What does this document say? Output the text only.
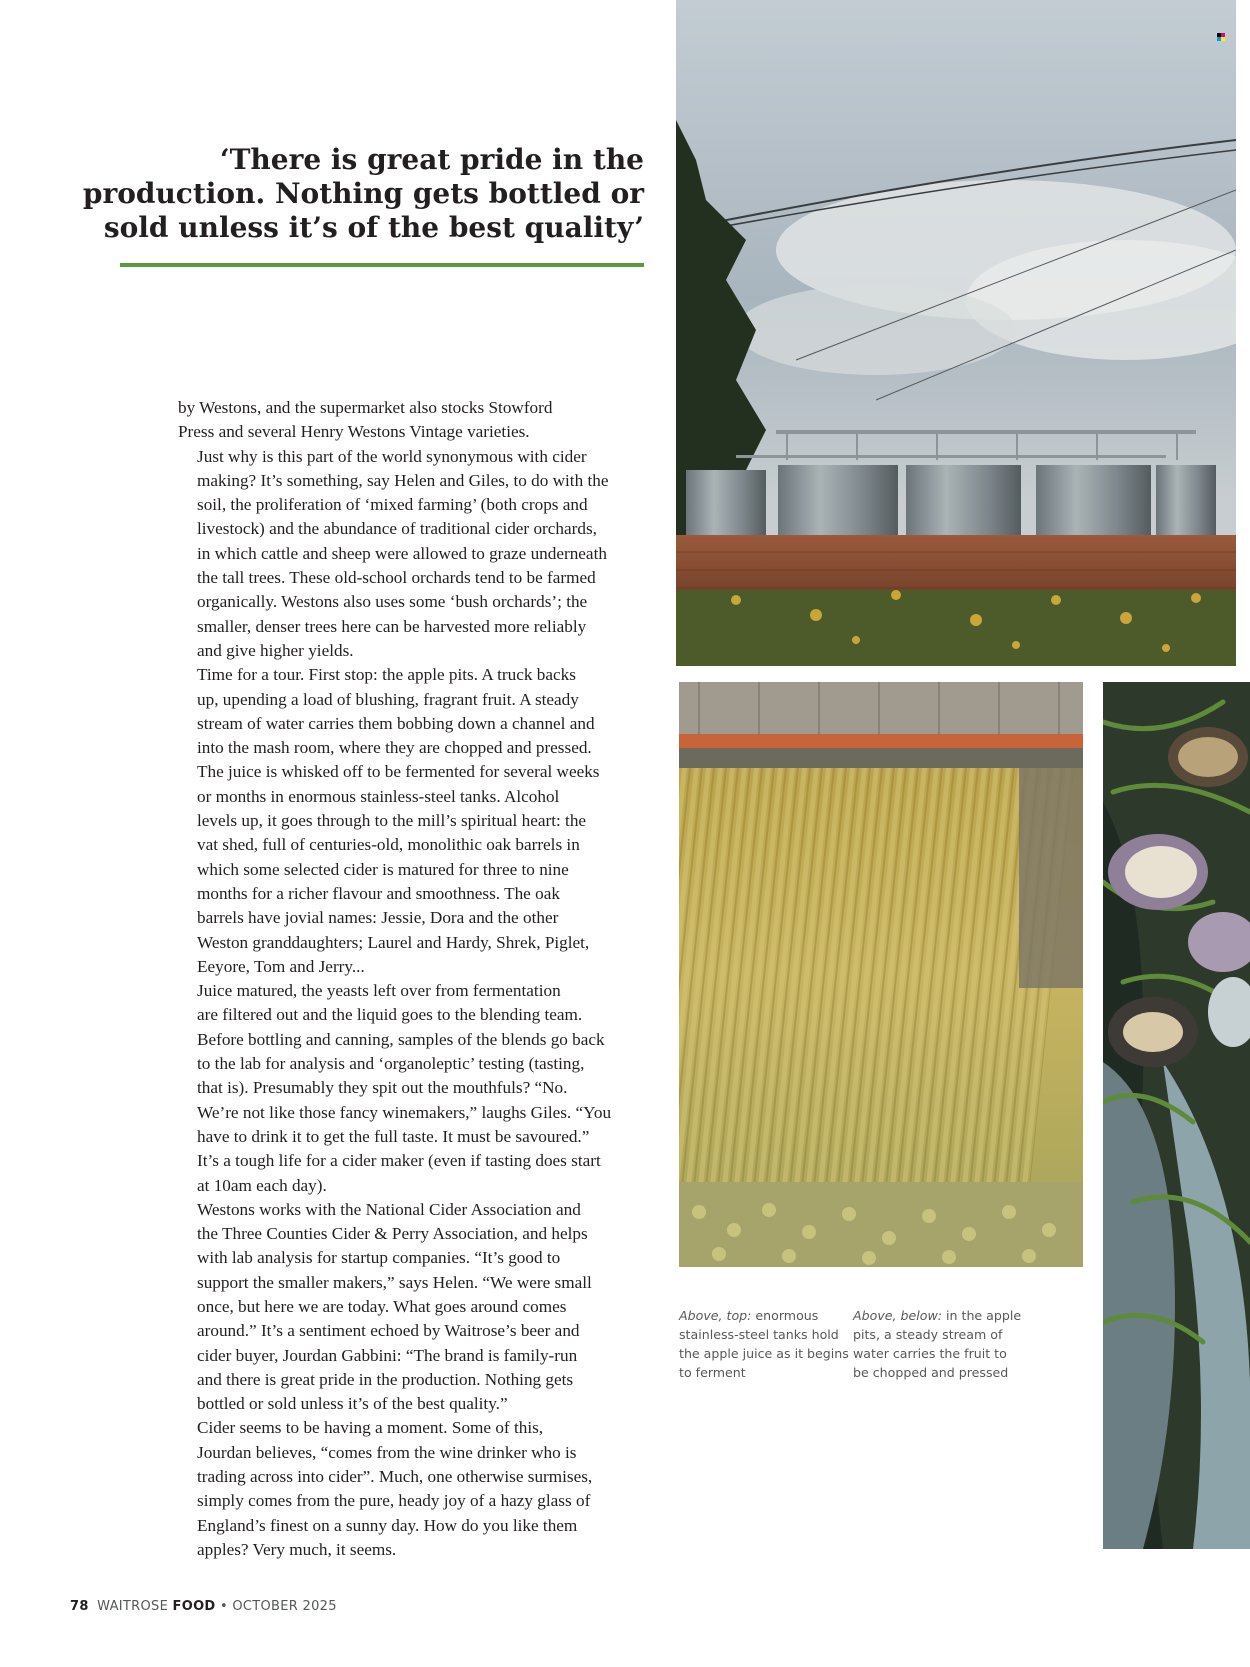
‘There is great pride in the
production. Nothing gets bottled or
sold unless it’s of the best quality’

by Westons, and the supermarket also stocks Stowford
Press and several Henry Westons Vintage varieties.

Just why is this part of the world synonymous with cider
making? It’s something, say Helen and Giles, to do with the
soil, the proliferation of ‘mixed farming’ (both crops and
livestock) and the abundance of traditional cider orchards,
in which cattle and sheep were allowed to graze underneath
the tall trees. These old-school orchards tend to be farmed
organically. Westons also uses some ‘bush orchards’; the
smaller, denser trees here can be harvested more reliably
and give higher yields.

Time for a tour. First stop: the apple pits. A truck backs
up, upending a load of blushing, fragrant fruit. A steady
stream of water carries them bobbing down a channel and
into the mash room, where they are chopped and pressed.
The juice is whisked off to be fermented for several weeks
or months in enormous stainless-steel tanks. Alcohol
levels up, it goes through to the mill’s spiritual heart: the
vat shed, full of centuries-old, monolithic oak barrels in
which some selected cider is matured for three to nine
months for a richer flavour and smoothness. The oak
barrels have jovial names: Jessie, Dora and the other
Weston granddaughters; Laurel and Hardy, Shrek, Piglet,
Eeyore, Tom and Jerry...

Juice matured, the yeasts left over from fermentation
are filtered out and the liquid goes to the blending team.
Before bottling and canning, samples of the blends go back
to the lab for analysis and ‘organoleptic’ testing (tasting,
that is). Presumably they spit out the mouthfuls? “No.
We’re not like those fancy winemakers,” laughs Giles. “You
have to drink it to get the full taste. It must be savoured.”
It’s a tough life for a cider maker (even if tasting does start
at 10am each day).

Westons works with the National Cider Association and
the Three Counties Cider & Perry Association, and helps
with lab analysis for startup companies. “It’s good to
support the smaller makers,” says Helen. “We were small
once, but here we are today. What goes around comes
around.” It’s a sentiment echoed by Waitrose’s beer and
cider buyer, Jourdan Gabbini: “The brand is family-run
and there is great pride in the production. Nothing gets
bottled or sold unless it’s of the best quality.”

Cider seems to be having a moment. Some of this,
Jourdan believes, “comes from the wine drinker who is
trading across into cider”. Much, one otherwise surmises,
simply comes from the pure, heady joy of a hazy glass of
England’s finest on a sunny day. How do you like them
apples? Very much, it seems.

Above, top: enormous stainless-steel tanks hold the apple juice as it begins to ferment
Above, below: in the apple pits, a steady stream of water carries the fruit to be chopped and pressed
78 WAITROSE FOOD • OCTOBER 2025
